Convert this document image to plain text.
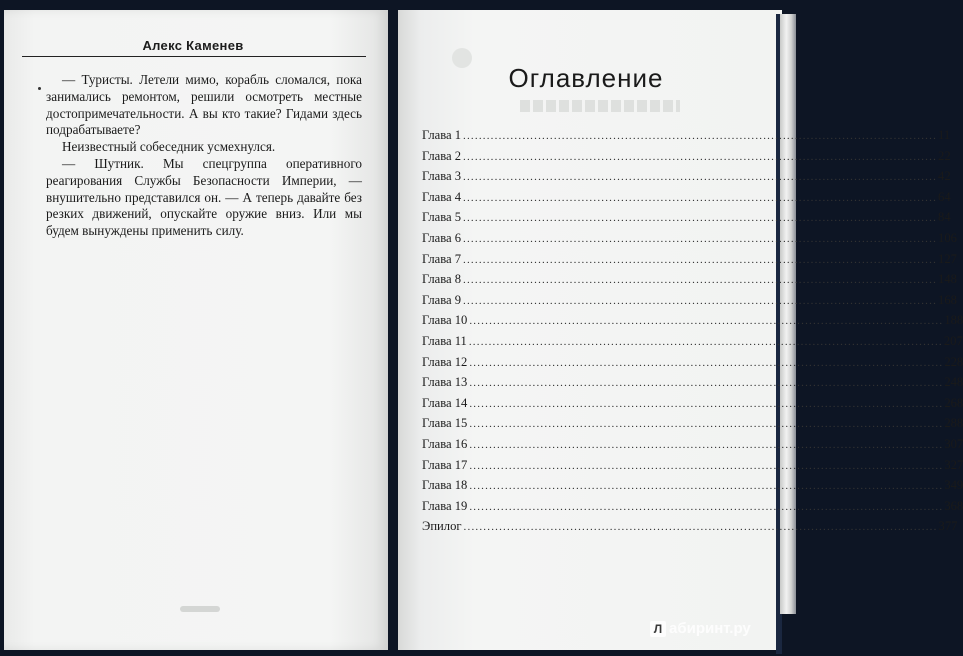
Алекс Каменев

— Туристы. Летели мимо, корабль сломался, пока занимались ремонтом, решили осмотреть местные достопримечательности. А вы кто такие? Гидами здесь подрабатываете?

Неизвестный собеседник усмехнулся.

— Шутник. Мы спецгруппа оперативного реагирования Службы Безопасности Империи, — внушительно представился он. — А теперь давайте без резких движений, опускайте оружие вниз. Или мы будем вынуждены применить силу.

Оглавление
Глава 1 ........................................................................................................................ 11
Глава 2 ........................................................................................................................ 22
Глава 3 ........................................................................................................................ 42
Глава 4 ........................................................................................................................ 64
Глава 5 ........................................................................................................................ 84
Глава 6 ........................................................................................................................ 106
Глава 7 ........................................................................................................................ 127
Глава 8 ........................................................................................................................ 148
Глава 9 ........................................................................................................................ 168
Глава 10 ........................................................................................................................ 188
Глава 11 ........................................................................................................................ 207
Глава 12 ........................................................................................................................ 228
Глава 13 ........................................................................................................................ 248
Глава 14 ........................................................................................................................ 268
Глава 15 ........................................................................................................................ 288
Глава 16 ........................................................................................................................ 307
Глава 17 ........................................................................................................................ 327
Глава 18 ........................................................................................................................ 349
Глава 19 ........................................................................................................................ 368
Эпилог ........................................................................................................................ 377
Л абиринт.ру
